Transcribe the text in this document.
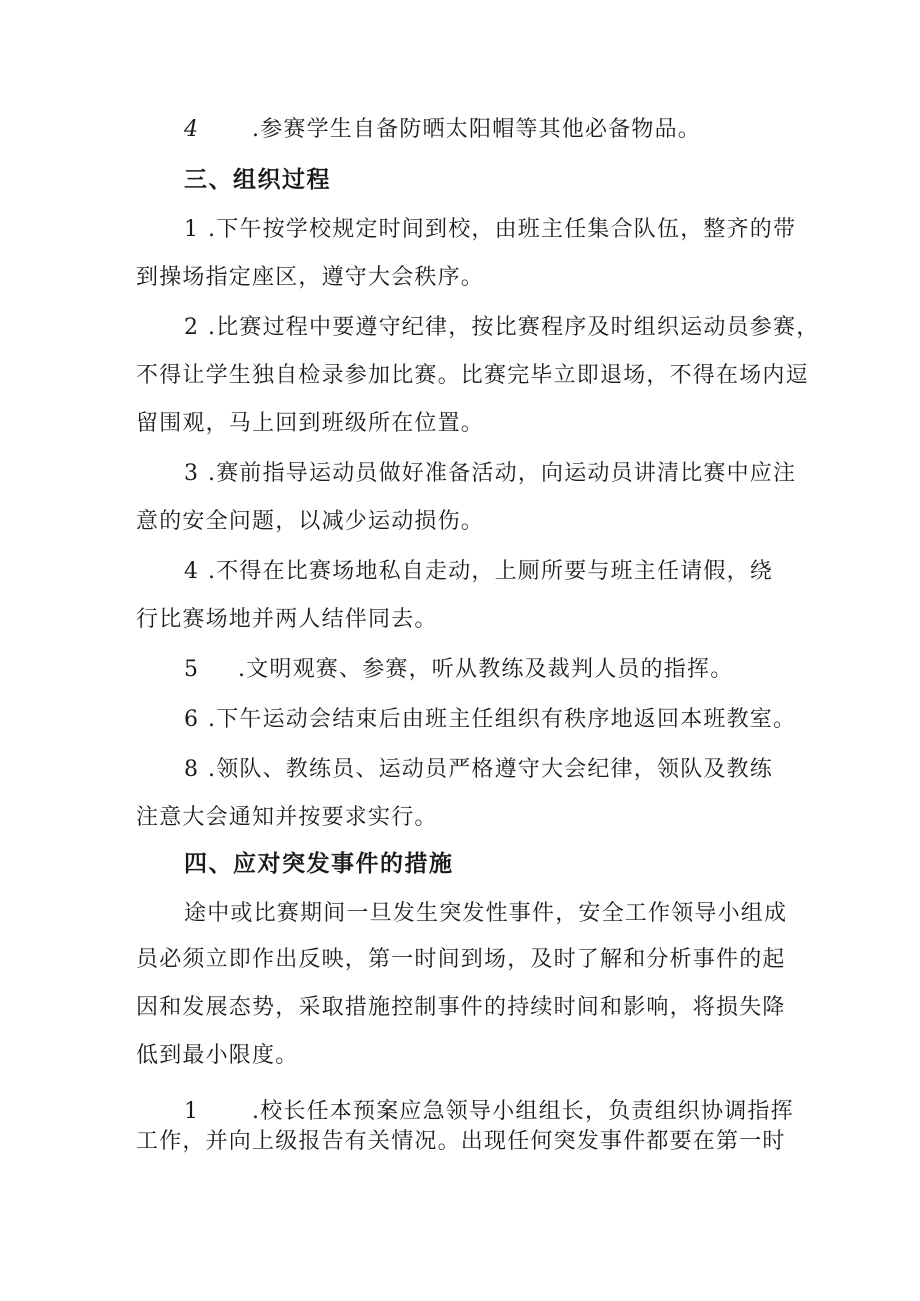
4 .参赛学生自备防晒太阳帽等其他必备物品。
三、组织过程
1 .下午按学校规定时间到校，由班主任集合队伍，整齐的带
到操场指定座区，遵守大会秩序。
2 .比赛过程中要遵守纪律，按比赛程序及时组织运动员参赛，
不得让学生独自检录参加比赛。比赛完毕立即退场，不得在场内逗
留围观，马上回到班级所在位置。
3 .赛前指导运动员做好准备活动，向运动员讲清比赛中应注
意的安全问题，以减少运动损伤。
4 .不得在比赛场地私自走动，上厕所要与班主任请假，绕
行比赛场地并两人结伴同去。
5 .文明观赛、参赛，听从教练及裁判人员的指挥。
6 .下午运动会结束后由班主任组织有秩序地返回本班教室。
8 .领队、教练员、运动员严格遵守大会纪律，领队及教练
注意大会通知并按要求实行。
四、应对突发事件的措施
途中或比赛期间一旦发生突发性事件，安全工作领导小组成
员必须立即作出反映，第一时间到场，及时了解和分析事件的起
因和发展态势，采取措施控制事件的持续时间和影响，将损失降
低到最小限度。
1 .校长任本预案应急领导小组组长，负责组织协调指挥
工作，并向上级报告有关情况。出现任何突发事件都要在第一时
